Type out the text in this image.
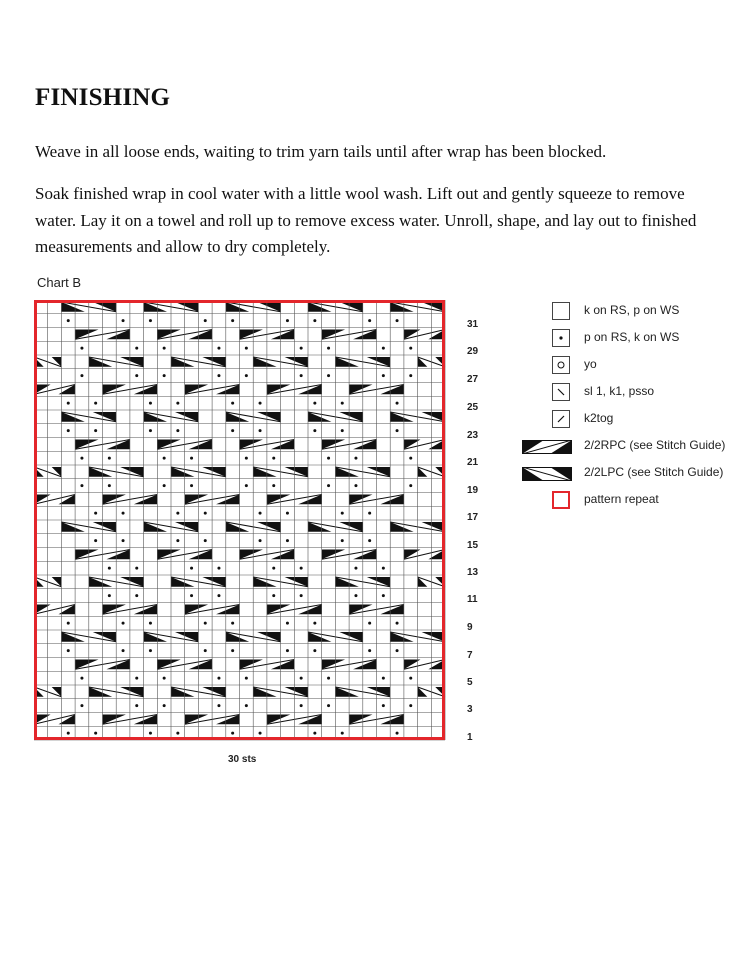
FINISHING

Weave in all loose ends, waiting to trim yarn tails until after wrap has been blocked.

Soak finished wrap in cool water with a little wool wash. Lift out and gently squeeze to remove water. Lay it on a towel and roll up to remove excess water. Unroll, shape, and lay out to finished measurements and allow to dry completely.

Chart B
31
29
27
25
23
21
19
17
15
13
11
9
7
5
3
1
30 sts
k on RS, p on WS
p on RS, k on WS
yo
sl 1, k1, psso
k2tog
2/2RPC (see Stitch Guide)
2/2LPC (see Stitch Guide)
pattern repeat
